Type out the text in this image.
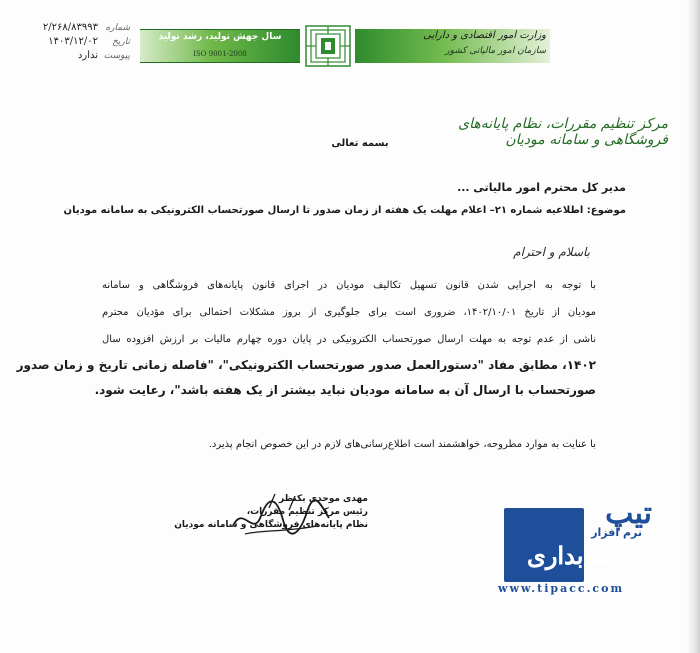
شماره
۲/۲۶۸/۸۳۹۹۳
تاریخ
۱۴۰۳/۱۲/۰۲
پیوست
ندارد
سال جهش تولید، رشد تولید
ISO 9001-2008
وزارت امور اقتصادی و دارایی
سازمان امور مالیاتی کشور
مرکز تنظیم مقررات، نظام پایانه‌های فروشگاهی و سامانه مودیان
بسمه تعالی
مدیر کل محترم امور مالیاتی ...
موضوع: اطلاعیه شماره ۲۱– اعلام مهلت یک هفته از زمان صدور تا ارسال صورتحساب الکترونیکی به سامانه مودیان
باسلام و احترام
با توجه به اجرایی شدن قانون تسهیل تکالیف مودیان در اجرای قانون پایانه‌های فروشگاهی و سامانه
مودیان از تاریخ ۱۴۰۲/۱۰/۰۱، ضروری است برای جلوگیری از بروز مشکلات احتمالی برای مؤدیان محترم
ناشی از عدم توجه به مهلت ارسال صورتحساب الکترونیکی در پایان دوره چهارم مالیات بر ارزش افزوده سال
۱۴۰۲، مطابق مفاد "دستورالعمل صدور صورتحساب الکترونیکی"، "فاصله زمانی تاریخ و زمان صدور
صورتحساب با ارسال آن به سامانه مودیان نباید بیشتر از یک هفته باشد"، رعایت شود.
با عنایت به موارد مطروحه، خواهشمند است اطلاع‌رسانی‌های لازم در این خصوص انجام پذیرد.
مهدی موحدی بکنظر
رئیس مرکز تنظیم مقررات،
نظام پایانه‌های فروشگاهی و سامانه مودیان	تیپ
نرم افزار
حسابداری
www.tipacc.com
